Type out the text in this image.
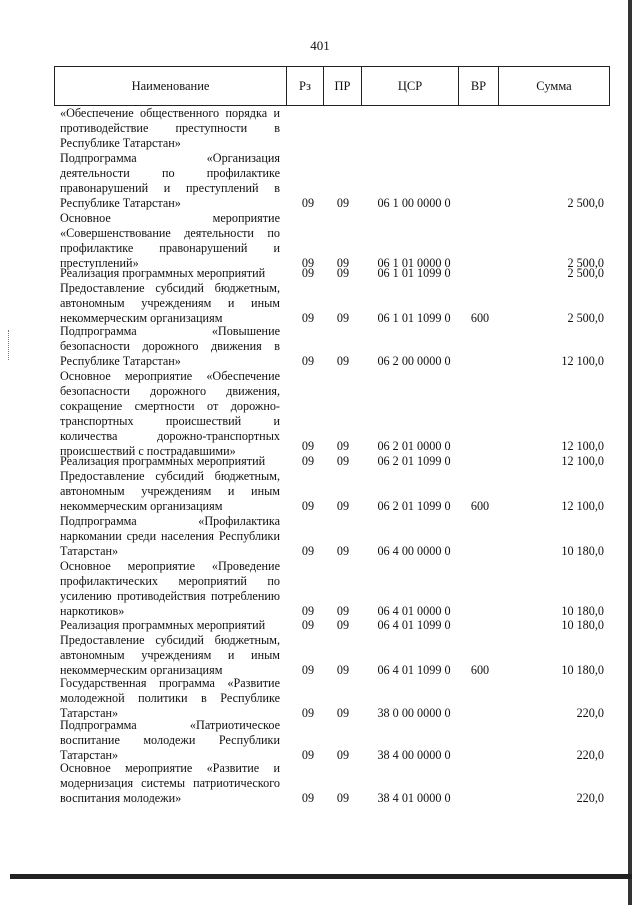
401
Наименование	Рз	ПР	ЦСР	ВР	Сумма
«Обеспечение общественного порядка и противодействие преступности в Республике Татарстан»
Подпрограмма «Организация деятельности по профилактике правонарушений и преступлений в Республике Татарстан»	09	09	06 1 00 0000 0	2 500,0
Основное мероприятие «Совершенствование деятельности по профилактике правонарушений и преступлений»	09	09	06 1 01 0000 0	2 500,0
Реализация программных мероприятий	09	09	06 1 01 1099 0	2 500,0
Предоставление субсидий бюджетным, автономным учреждениям и иным некоммерческим организациям	09	09	06 1 01 1099 0	600	2 500,0
Подпрограмма «Повышение безопасности дорожного движения в Республике Татарстан»	09	09	06 2 00 0000 0	12 100,0
Основное мероприятие «Обеспечение безопасности дорожного движения, сокращение смертности от дорожно-транспортных происшествий и количества дорожно-транспортных происшествий с пострадавшими»	09	09	06 2 01 0000 0	12 100,0
Реализация программных мероприятий	09	09	06 2 01 1099 0	12 100,0
Предоставление субсидий бюджетным, автономным учреждениям и иным некоммерческим организациям	09	09	06 2 01 1099 0	600	12 100,0
Подпрограмма «Профилактика наркомании среди населения Республики Татарстан»	09	09	06 4 00 0000 0	10 180,0
Основное мероприятие «Проведение профилактических мероприятий по усилению противодействия потреблению наркотиков»	09	09	06 4 01 0000 0	10 180,0
Реализация программных мероприятий	09	09	06 4 01 1099 0	10 180,0
Предоставление субсидий бюджетным, автономным учреждениям и иным некоммерческим организациям	09	09	06 4 01 1099 0	600	10 180,0
Государственная программа «Развитие молодежной политики в Республике Татарстан»	09	09	38 0 00 0000 0	220,0
Подпрограмма «Патриотическое воспитание молодежи Республики Татарстан»	09	09	38 4 00 0000 0	220,0
Основное мероприятие «Развитие и модернизация системы патриотического воспитания молодежи»	09	09	38 4 01 0000 0	220,0
